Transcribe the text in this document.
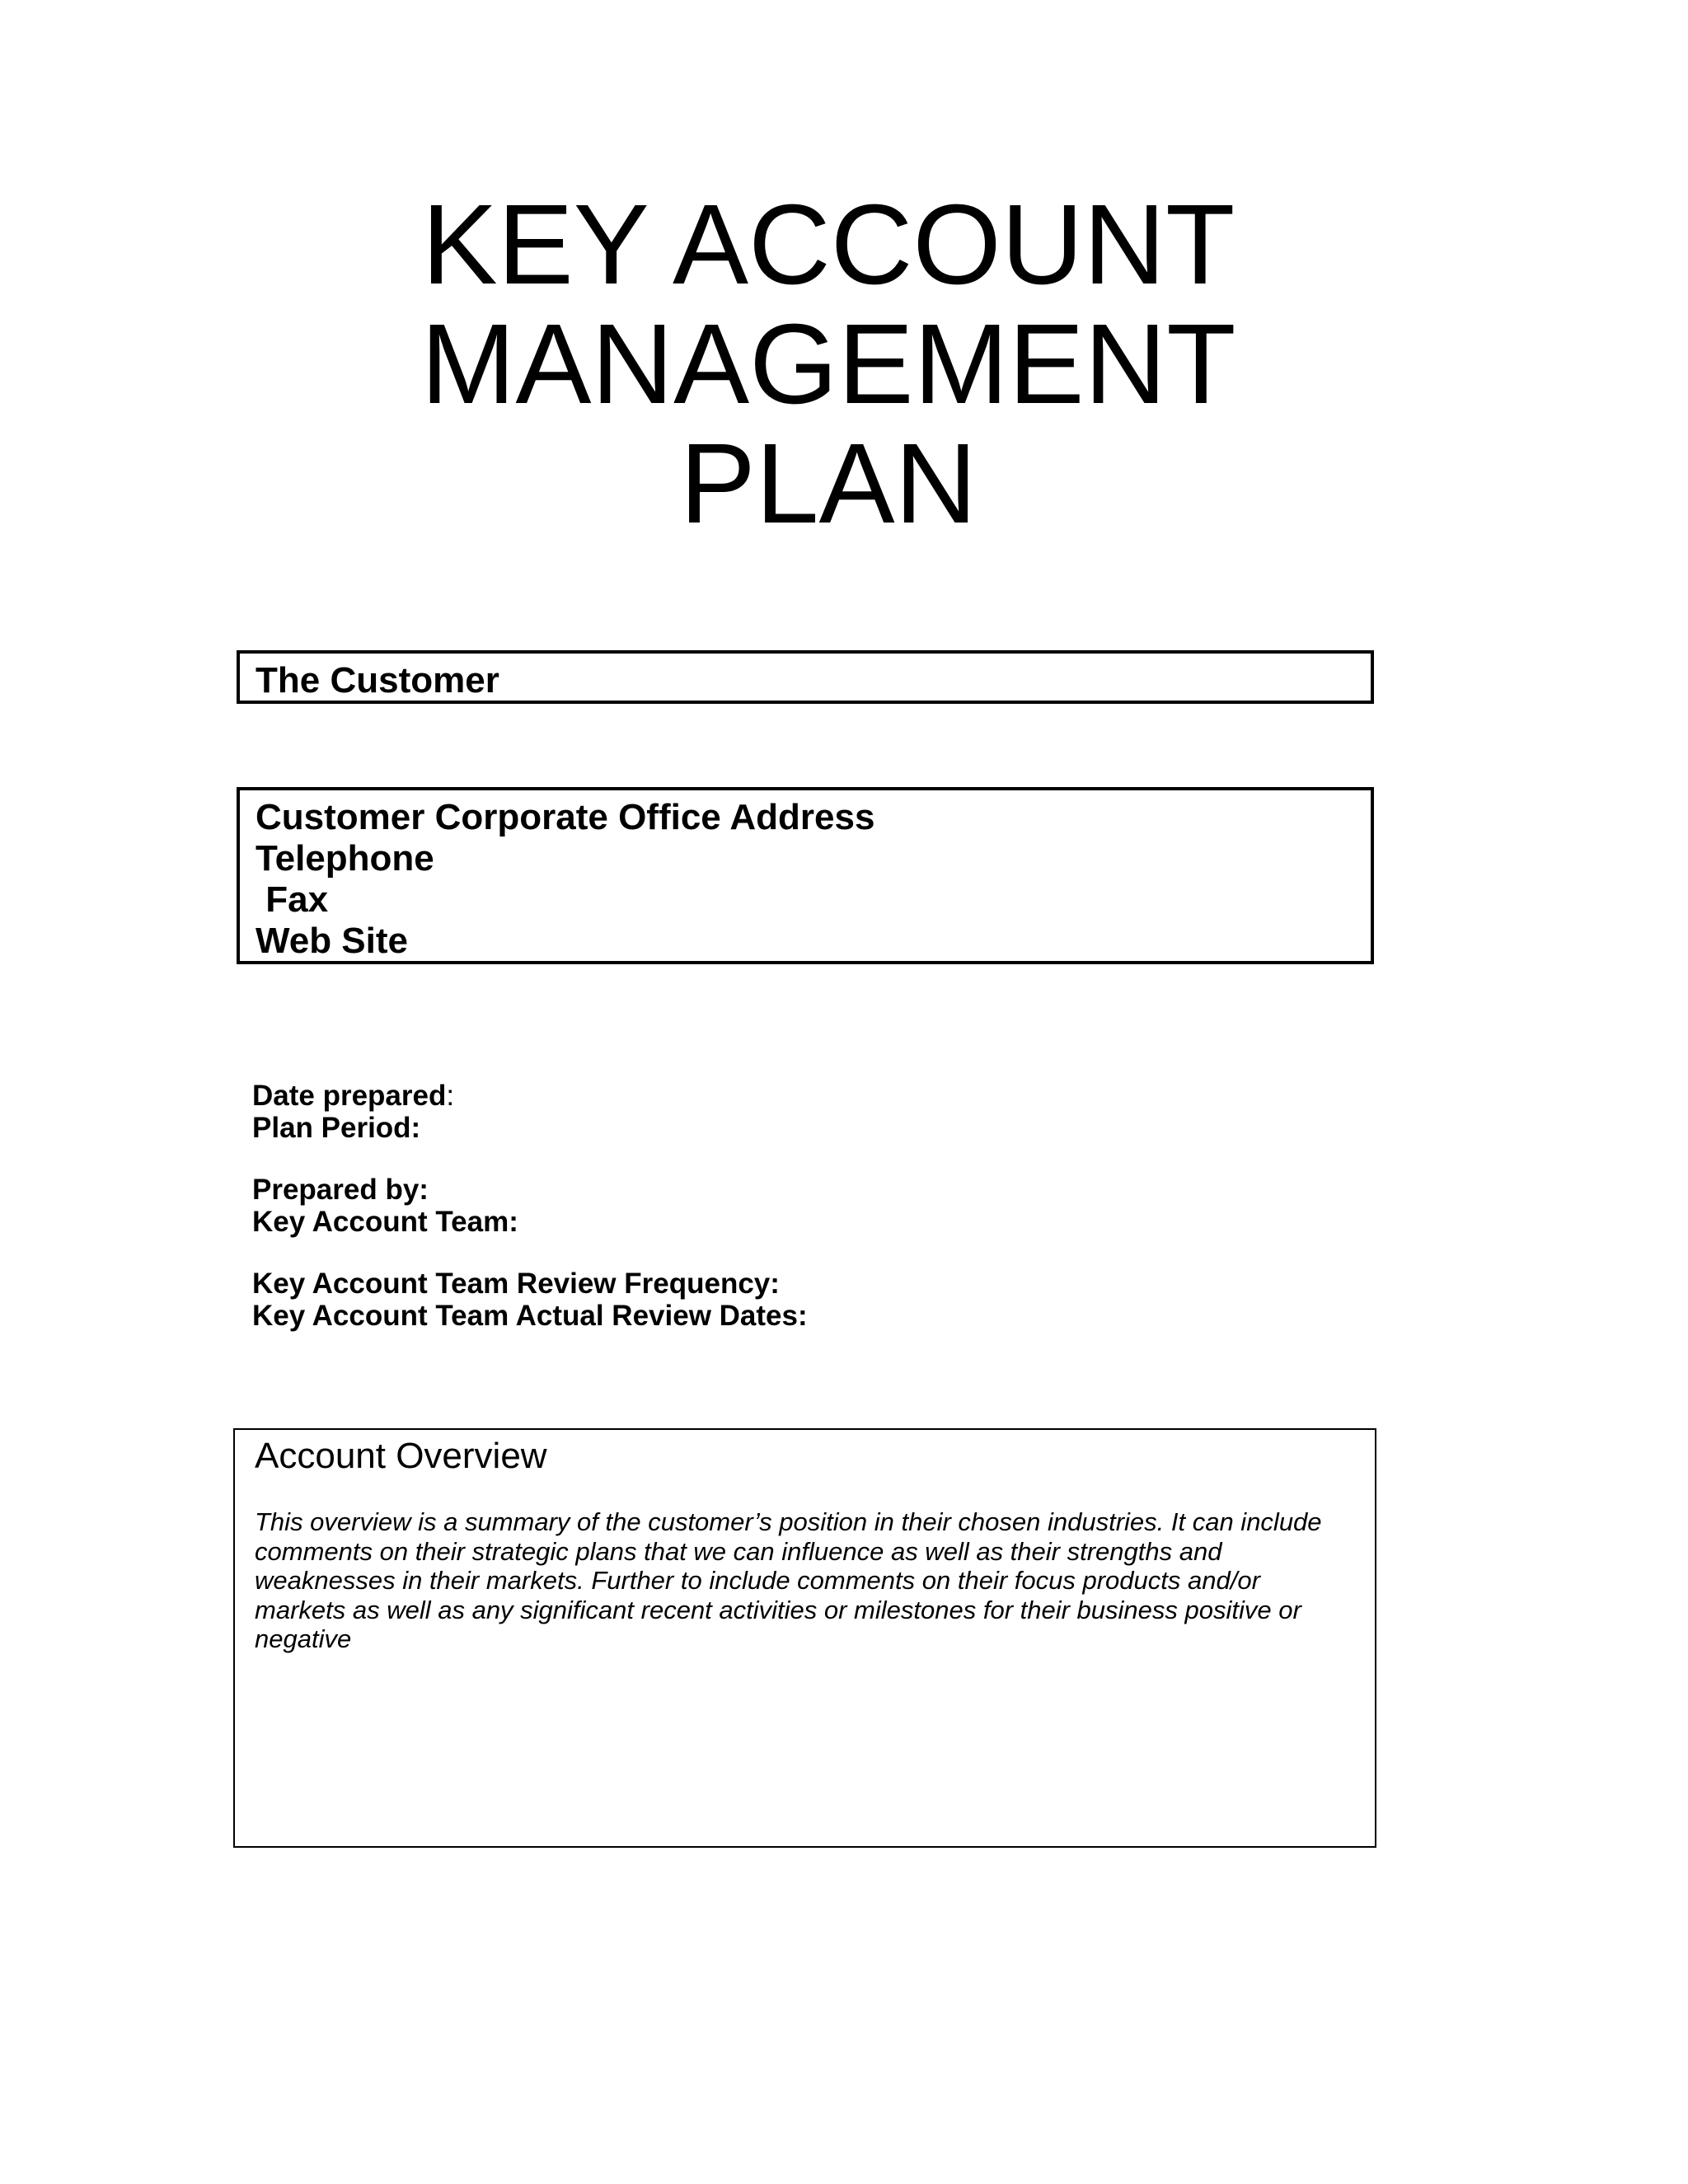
KEY ACCOUNT
MANAGEMENT
PLAN
The Customer
Customer Corporate Office Address
Telephone
Fax
Web Site
Date prepared:
Plan Period:
Prepared by:
Key Account Team:
Key Account Team Review Frequency:
Key Account Team Actual Review Dates:
Account Overview

This overview is a summary of the customer’s position in their chosen industries. It can include comments on their strategic plans that we can influence as well as their strengths and weaknesses in their markets. Further to include comments on their focus products and/or markets as well as any significant recent activities or milestones for their business positive or negative
